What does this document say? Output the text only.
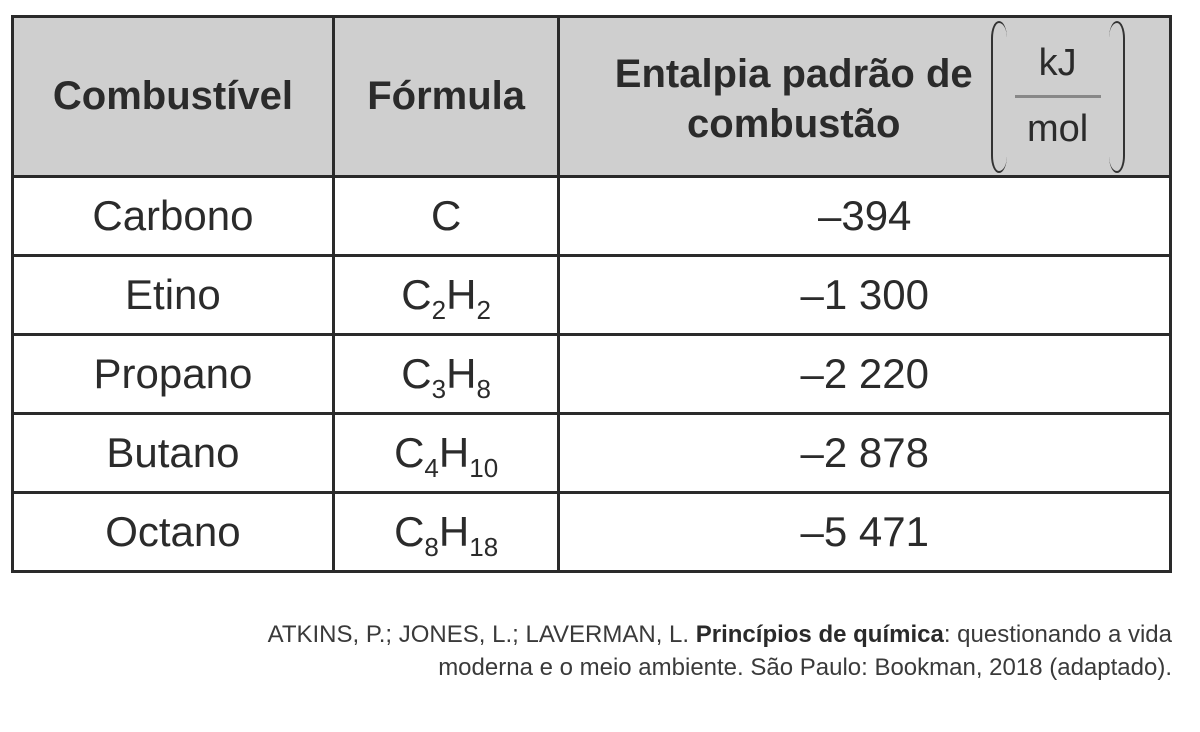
Combustível	Fórmula	Entalpia padrão de
combustão $\frac{kJ}{\text{mol}}$

Carbono	C	–394
Etino	$C_2H_2$	–1 300
Propano	$C_3H_8$	–2 220
Butano	$C_4H_{10}$	–2 878
Octano	$C_8H_{18}$	–5 471
ATKINS, P.; JONES, L.; LAVERMAN, L. Princípios de química: questionando a vida
moderna e o meio ambiente. São Paulo: Bookman, 2018 (adaptado).
